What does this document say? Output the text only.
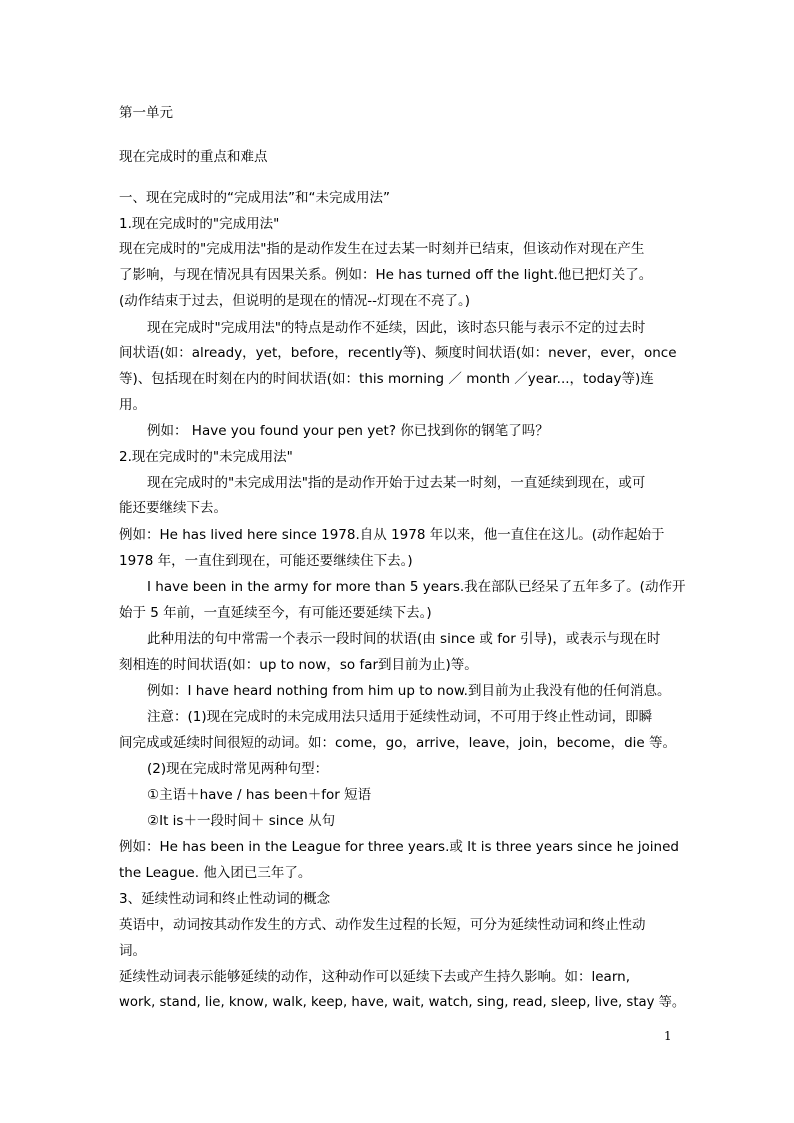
第一单元
现在完成时的重点和难点
一、现在完成时的“完成用法”和“未完成用法”
1.现在完成时的"完成用法"
现在完成时的"完成用法"指的是动作发生在过去某一时刻并已结束，但该动作对现在产生
了影响，与现在情况具有因果关系。例如：He has turned off the light.他已把灯关了。
(动作结束于过去，但说明的是现在的情况--灯现在不亮了。)
现在完成时"完成用法"的特点是动作不延续，因此，该时态只能与表示不定的过去时
间状语(如：already，yet，before，recently等)、频度时间状语(如：never，ever，once
等)、包括现在时刻在内的时间状语(如：this morning ／ month ／year...，today等)连
用。
例如： Have you found your pen yet? 你已找到你的钢笔了吗？
2.现在完成时的"未完成用法"
现在完成时的"未完成用法"指的是动作开始于过去某一时刻，一直延续到现在，或可
能还要继续下去。
例如：He has lived here since 1978.自从 1978 年以来，他一直住在这儿。(动作起始于
1978 年，一直住到现在，可能还要继续住下去。)
I have been in the army for more than 5 years.我在部队已经呆了五年多了。(动作开
始于 5 年前，一直延续至今，有可能还要延续下去。)
此种用法的句中常需一个表示一段时间的状语(由 since 或 for 引导)，或表示与现在时
刻相连的时间状语(如：up to now，so far到目前为止)等。
例如：I have heard nothing from him up to now.到目前为止我没有他的任何消息。
注意：(1)现在完成时的未完成用法只适用于延续性动词，不可用于终止性动词，即瞬
间完成或延续时间很短的动词。如：come，go，arrive，leave，join，become，die 等。
(2)现在完成时常见两种句型：
①主语＋have / has been＋for 短语
②It is＋一段时间＋ since 从句
例如：He has been in the League for three years.或 It is three years since he joined
the League. 他入团已三年了。
3、延续性动词和终止性动词的概念
英语中，动词按其动作发生的方式、动作发生过程的长短，可分为延续性动词和终止性动
词。
延续性动词表示能够延续的动作，这种动作可以延续下去或产生持久影响。如：learn,
work, stand, lie, know, walk, keep, have, wait, watch, sing, read, sleep, live, stay 等。
1
